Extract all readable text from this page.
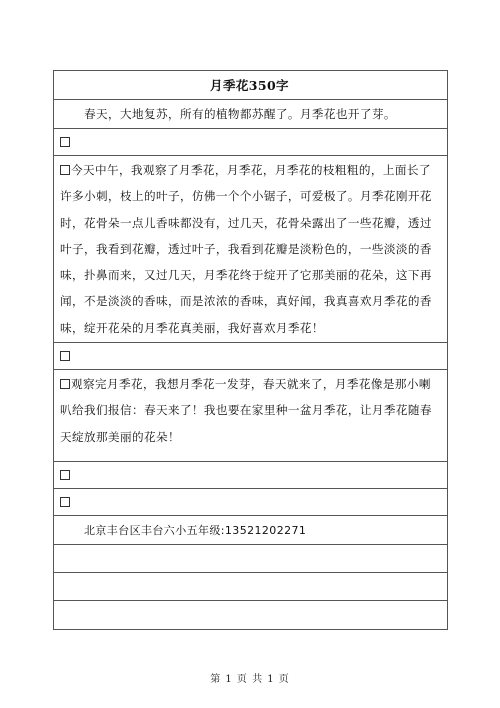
月季花350字
春天，大地复苏，所有的植物都苏醒了。月季花也开了芽。
今天中午，我观察了月季花，月季花，月季花的枝粗粗的，上面长了许多小刺，枝上的叶子，仿佛一个个小锯子，可爱极了。月季花刚开花时，花骨朵一点儿香味都没有，过几天，花骨朵露出了一些花瓣，透过叶子，我看到花瓣，透过叶子，我看到花瓣是淡粉色的，一些淡淡的香味，扑鼻而来，又过几天，月季花终于绽开了它那美丽的花朵，这下再闻，不是淡淡的香味，而是浓浓的香味，真好闻，我真喜欢月季花的香味，绽开花朵的月季花真美丽，我好喜欢月季花！
观察完月季花，我想月季花一发芽，春天就来了，月季花像是那小喇叭给我们报信：春天来了！我也要在家里种一盆月季花，让月季花随春天绽放那美丽的花朵！
北京丰台区丰台六小五年级:13521202271
第 1 页 共 1 页
